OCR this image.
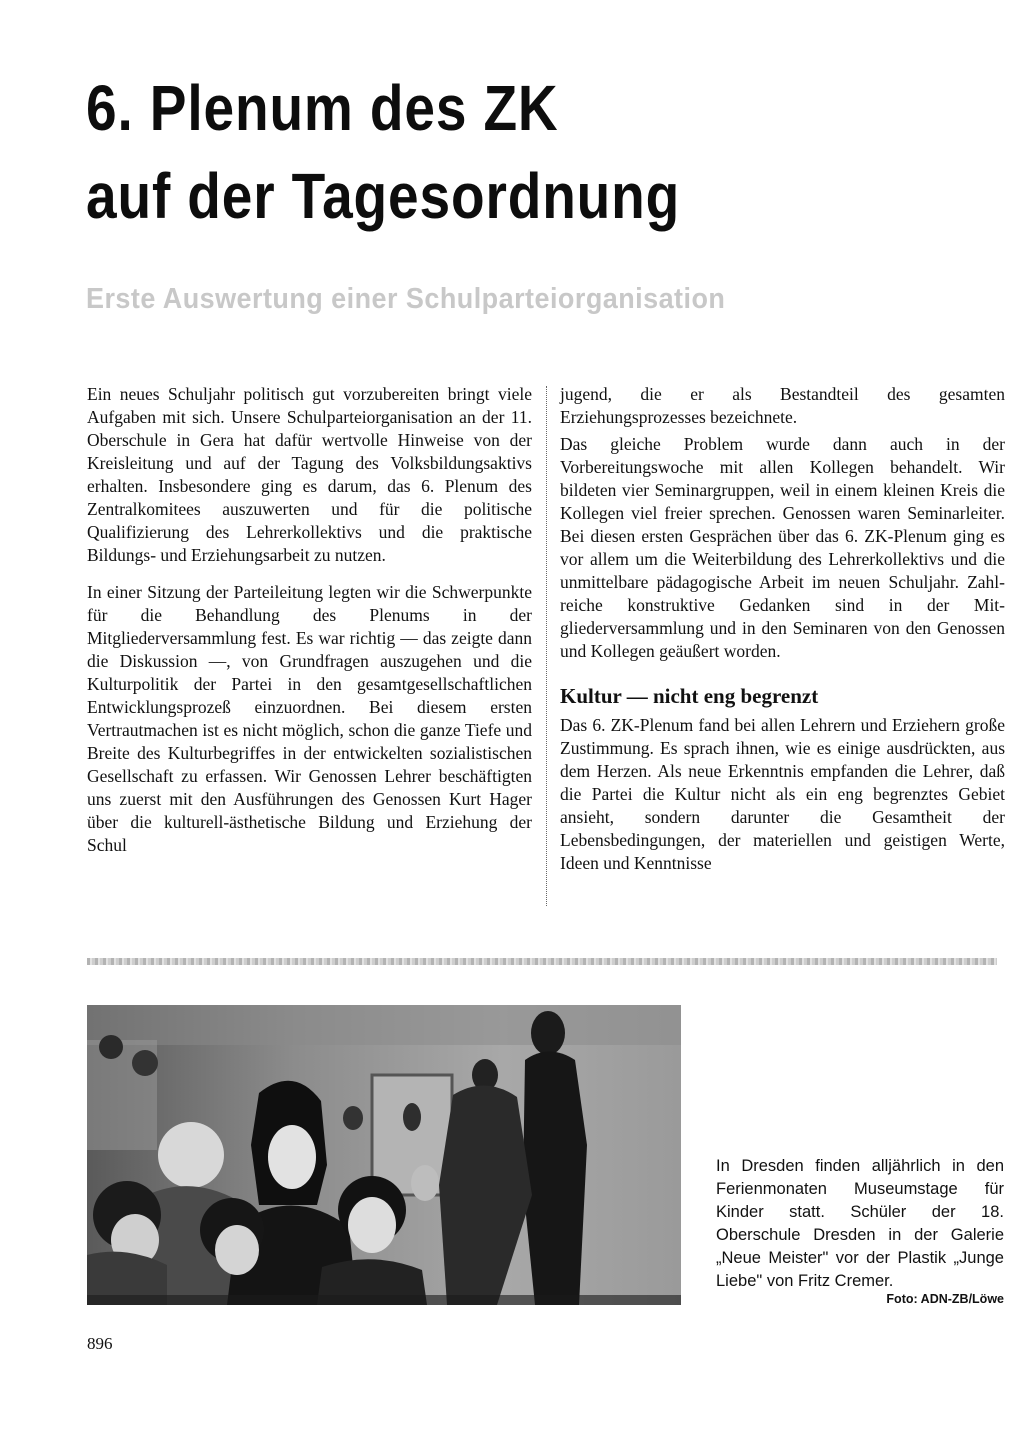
6. Plenum des ZK
auf der Tagesordnung
Erste Auswertung einer Schulparteiorganisation

Ein neues Schuljahr politisch gut vorzubereiten bringt viele Aufgaben mit sich. Unsere Schulparteiorganisation an der 11. Oberschule in Gera hat dafür wertvolle Hinweise von der Kreisleitung und auf der Tagung des Volksbildungsaktivs erhalten. Insbesondere ging es darum, das 6. Plenum des Zentralkomitees auszuwerten und für die politische Qualifizierung des Lehrerkollektivs und die praktische Bildungs- und Erziehungsarbeit zu nutzen.

In einer Sitzung der Parteileitung legten wir die Schwerpunkte für die Behandlung des Plenums in der Mitgliederversammlung fest. Es war richtig — das zeigte dann die Diskussion —, von Grundfragen auszugehen und die Kulturpolitik der Partei in den gesamtgesellschaftlichen Entwicklungsprozeß einzuordnen. Bei diesem ersten Vertrautmachen ist es nicht möglich, schon die ganze Tiefe und Breite des Kulturbegriffes in der entwickelten sozialistischen Gesellschaft zu erfassen. Wir Genossen Lehrer beschäftigten uns zuerst mit den Ausführungen des Genossen Kurt Hager über die kulturell-ästhetische Bildung und Erziehung der Schul

jugend, die er als Bestandteil des gesamten Erziehungsprozesses bezeichnete.

Das gleiche Problem wurde dann auch in der Vorbereitungswoche mit allen Kollegen behandelt. Wir bildeten vier Seminargruppen, weil in einem kleinen Kreis die Kollegen viel freier sprechen. Genossen waren Seminarleiter. Bei diesen ersten Gesprächen über das 6. ZK-Plenum ging es vor allem um die Weiterbildung des Lehrerkollektivs und die unmittelbare pädagogische Arbeit im neuen Schuljahr. Zahlreiche konstruktive Gedanken sind in der Mitgliederversammlung und in den Seminaren von den Genossen und Kollegen geäußert worden.

Kultur — nicht eng begrenzt

Das 6. ZK-Plenum fand bei allen Lehrern und Erziehern große Zustimmung. Es sprach ihnen, wie es einige ausdrückten, aus dem Herzen. Als neue Erkenntnis empfanden die Lehrer, daß die Partei die Kultur nicht als ein eng begrenztes Gebiet ansieht, sondern darunter die Gesamtheit der Lebensbedingungen, der materiellen und geistigen Werte, Ideen und Kenntnisse

In Dresden finden alljährlich in den Ferienmonaten Museumstage für Kinder statt. Schüler der 18. Oberschule Dresden in der Galerie „Neue Meister" vor der Plastik „Junge Liebe" von Fritz Cremer.
Foto: ADN-ZB/Löwe
896
